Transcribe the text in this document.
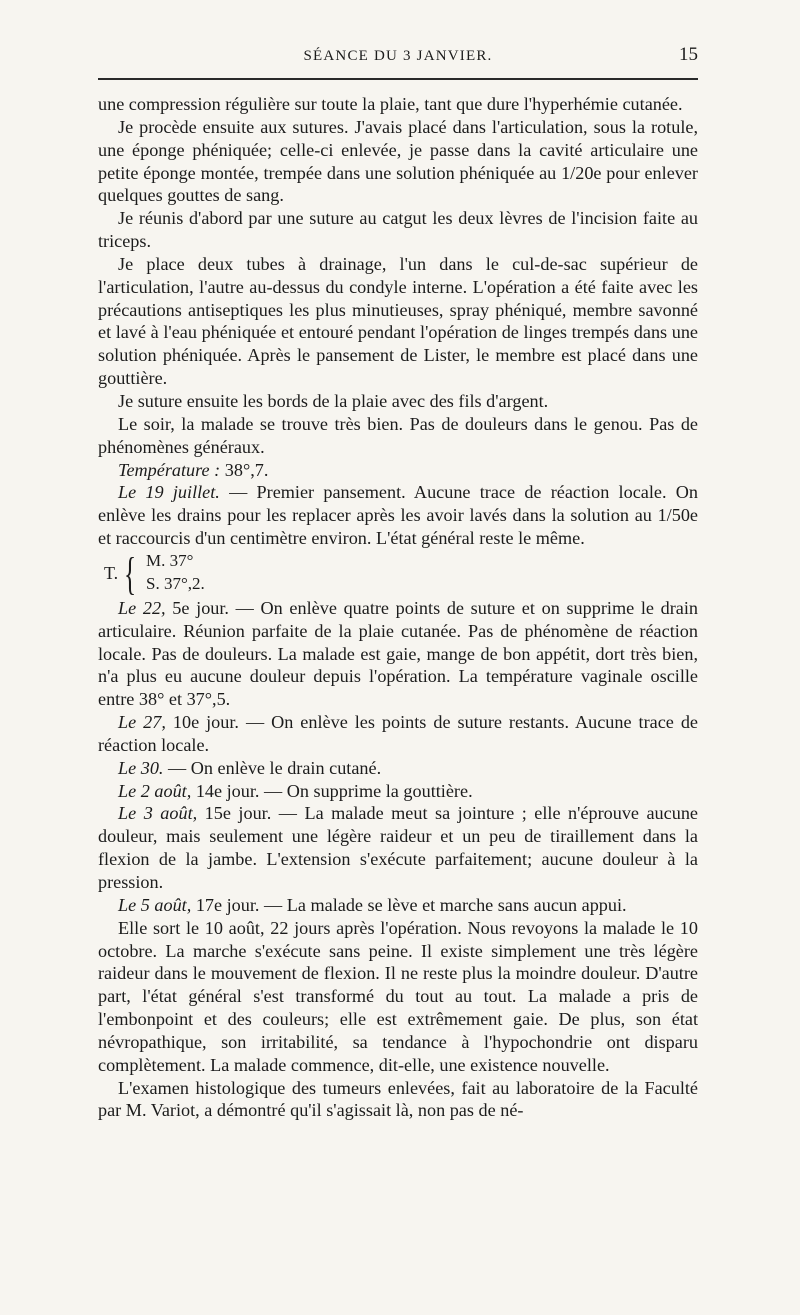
SÉANCE DU 3 JANVIER.	15

une compression régulière sur toute la plaie, tant que dure l'hyperhémie cutanée.

Je procède ensuite aux sutures. J'avais placé dans l'articulation, sous la rotule, une éponge phéniquée; celle-ci enlevée, je passe dans la cavité articulaire une petite éponge montée, trempée dans une solution phéniquée au 1/20e pour enlever quelques gouttes de sang.

Je réunis d'abord par une suture au catgut les deux lèvres de l'incision faite au triceps.

Je place deux tubes à drainage, l'un dans le cul-de-sac supérieur de l'articulation, l'autre au-dessus du condyle interne. L'opération a été faite avec les précautions antiseptiques les plus minutieuses, spray phéniqué, membre savonné et lavé à l'eau phéniquée et entouré pendant l'opération de linges trempés dans une solution phéniquée. Après le pansement de Lister, le membre est placé dans une gouttière.

Je suture ensuite les bords de la plaie avec des fils d'argent.

Le soir, la malade se trouve très bien. Pas de douleurs dans le genou. Pas de phénomènes généraux.

Température : 38°,7.

Le 19 juillet. — Premier pansement. Aucune trace de réaction locale. On enlève les drains pour les replacer après les avoir lavés dans la solution au 1/50e et raccourcis d'un centimètre environ. L'état général reste le même.

T. { M. 37°
S. 37°,2.

Le 22, 5e jour. — On enlève quatre points de suture et on supprime le drain articulaire. Réunion parfaite de la plaie cutanée. Pas de phénomène de réaction locale. Pas de douleurs. La malade est gaie, mange de bon appétit, dort très bien, n'a plus eu aucune douleur depuis l'opération. La température vaginale oscille entre 38° et 37°,5.

Le 27, 10e jour. — On enlève les points de suture restants. Aucune trace de réaction locale.

Le 30. — On enlève le drain cutané.

Le 2 août, 14e jour. — On supprime la gouttière.

Le 3 août, 15e jour. — La malade meut sa jointure ; elle n'éprouve aucune douleur, mais seulement une légère raideur et un peu de tiraillement dans la flexion de la jambe. L'extension s'exécute parfaitement; aucune douleur à la pression.

Le 5 août, 17e jour. — La malade se lève et marche sans aucun appui.

Elle sort le 10 août, 22 jours après l'opération. Nous revoyons la malade le 10 octobre. La marche s'exécute sans peine. Il existe simplement une très légère raideur dans le mouvement de flexion. Il ne reste plus la moindre douleur. D'autre part, l'état général s'est transformé du tout au tout. La malade a pris de l'embonpoint et des couleurs; elle est extrêmement gaie. De plus, son état névropathique, son irritabilité, sa tendance à l'hypochondrie ont disparu complètement. La malade commence, dit-elle, une existence nouvelle.

L'examen histologique des tumeurs enlevées, fait au laboratoire de la Faculté par M. Variot, a démontré qu'il s'agissait là, non pas de né-
